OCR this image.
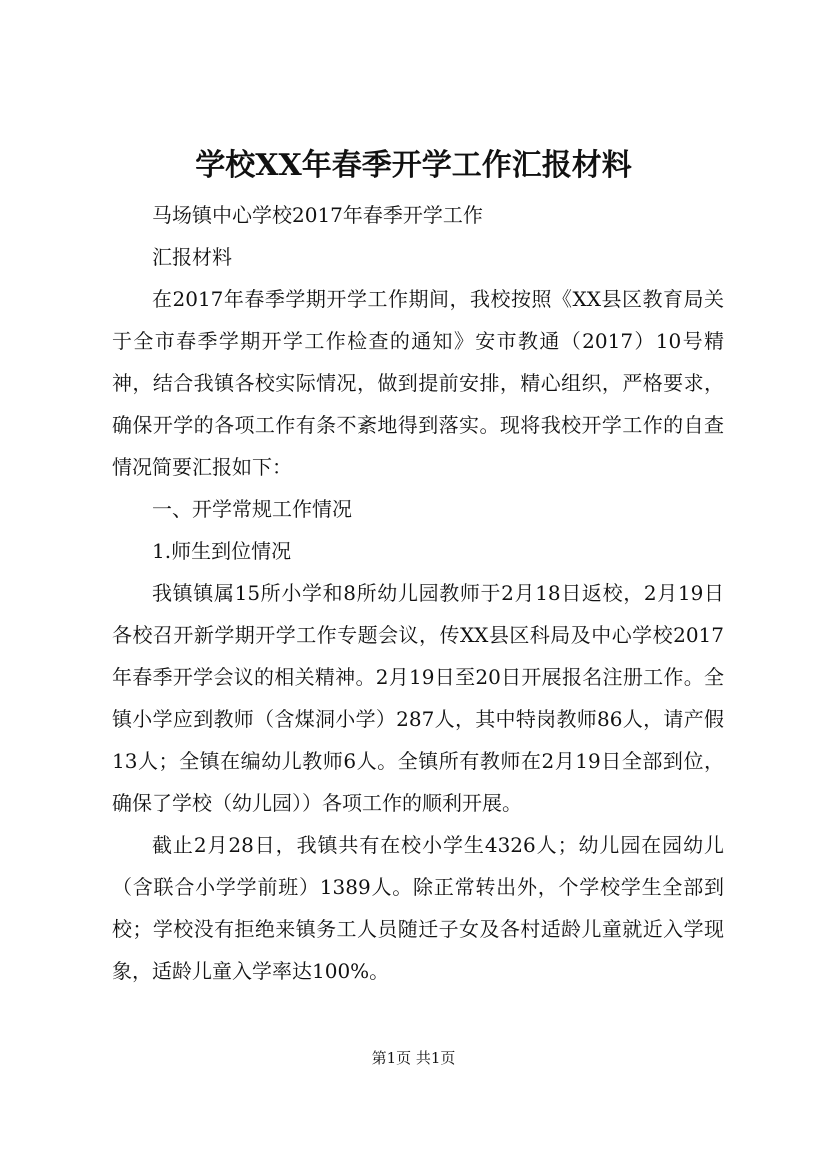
学校XX年春季开学工作汇报材料

马场镇中心学校2017年春季开学工作

汇报材料

在2017年春季学期开学工作期间，我校按照《XX县区教育局关于全市春季学期开学工作检查的通知》安市教通（2017）10号精神，结合我镇各校实际情况，做到提前安排，精心组织，严格要求，确保开学的各项工作有条不紊地得到落实。现将我校开学工作的自查情况简要汇报如下：

一、开学常规工作情况

1.师生到位情况

我镇镇属15所小学和8所幼儿园教师于2月18日返校，2月19日各校召开新学期开学工作专题会议，传XX县区科局及中心学校2017年春季开学会议的相关精神。2月19日至20日开展报名注册工作。全镇小学应到教师（含煤洞小学）287人，其中特岗教师86人，请产假13人；全镇在编幼儿教师6人。全镇所有教师在2月19日全部到位，确保了学校（幼儿园））各项工作的顺利开展。

截止2月28日，我镇共有在校小学生4326人；幼儿园在园幼儿（含联合小学学前班）1389人。除正常转出外，个学校学生全部到校；学校没有拒绝来镇务工人员随迁子女及各村适龄儿童就近入学现象，适龄儿童入学率达100%。

第1页 共1页
